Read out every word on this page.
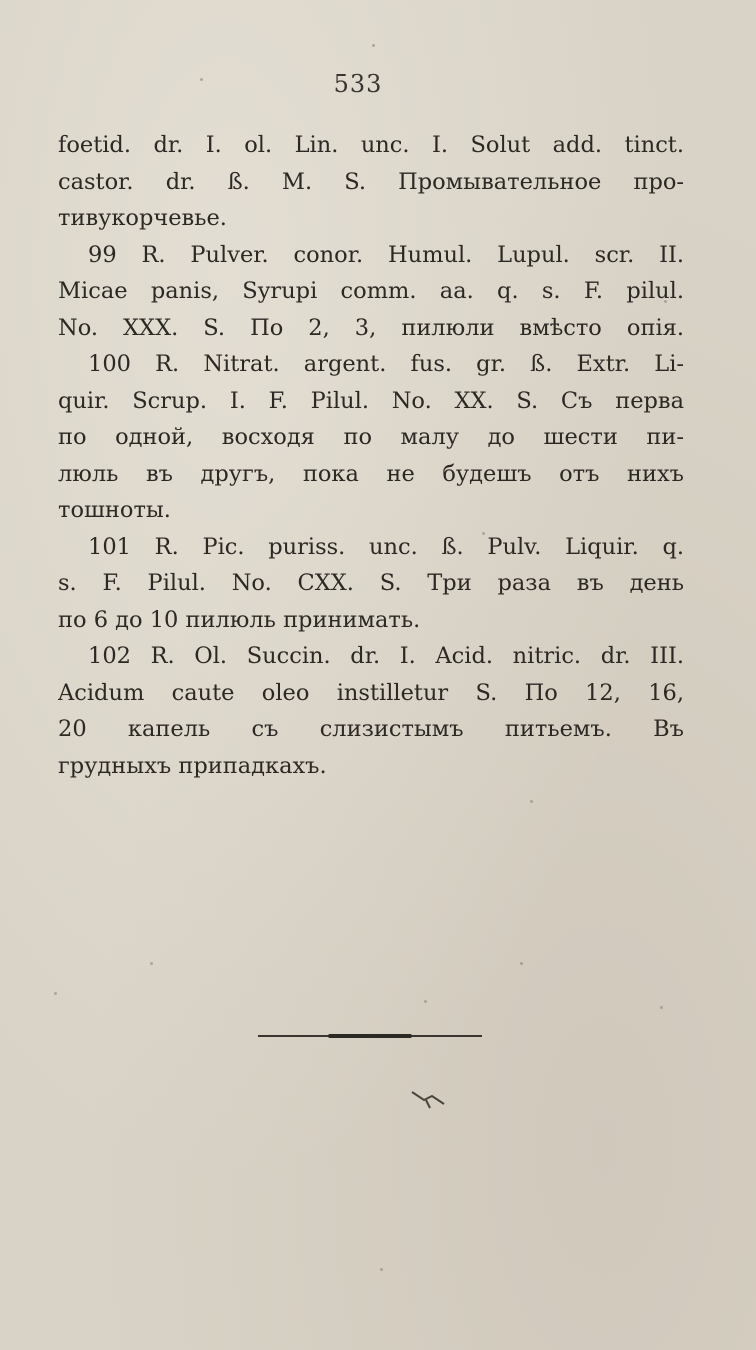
533
foetid. dr. I. ol. Lin. unc. I. Solut add. tinct.
castor. dr. ß. M. S. Промывательное про-
тивукорчевье.
99 R. Pulver. conor. Humul. Lupul. scr. II.
Micae panis, Syrupi comm. aa. q. s. F. pilul.
No. XXX. S. По 2, 3, пилюли вмѣсто опія.
100 R. Nitrat. argent. fus. gr. ß. Extr. Li-
quir. Scrup. I. F. Pilul. No. XX. S. Съ перва
по одной, восходя по малу до шести пи-
люль въ другъ, пока не будешъ отъ нихъ
тошноты.
101 R. Pic. puriss. unc. ß. Pulv. Liquir. q.
s. F. Pilul. No. CXX. S. Три раза въ день
по 6 до 10 пилюль принимать.
102 R. Ol. Succin. dr. I. Acid. nitric. dr. III.
Acidum caute oleo instilletur S. По 12, 16,
20 капель съ слизистымъ питьемъ. Въ
грудныхъ припадкахъ.
